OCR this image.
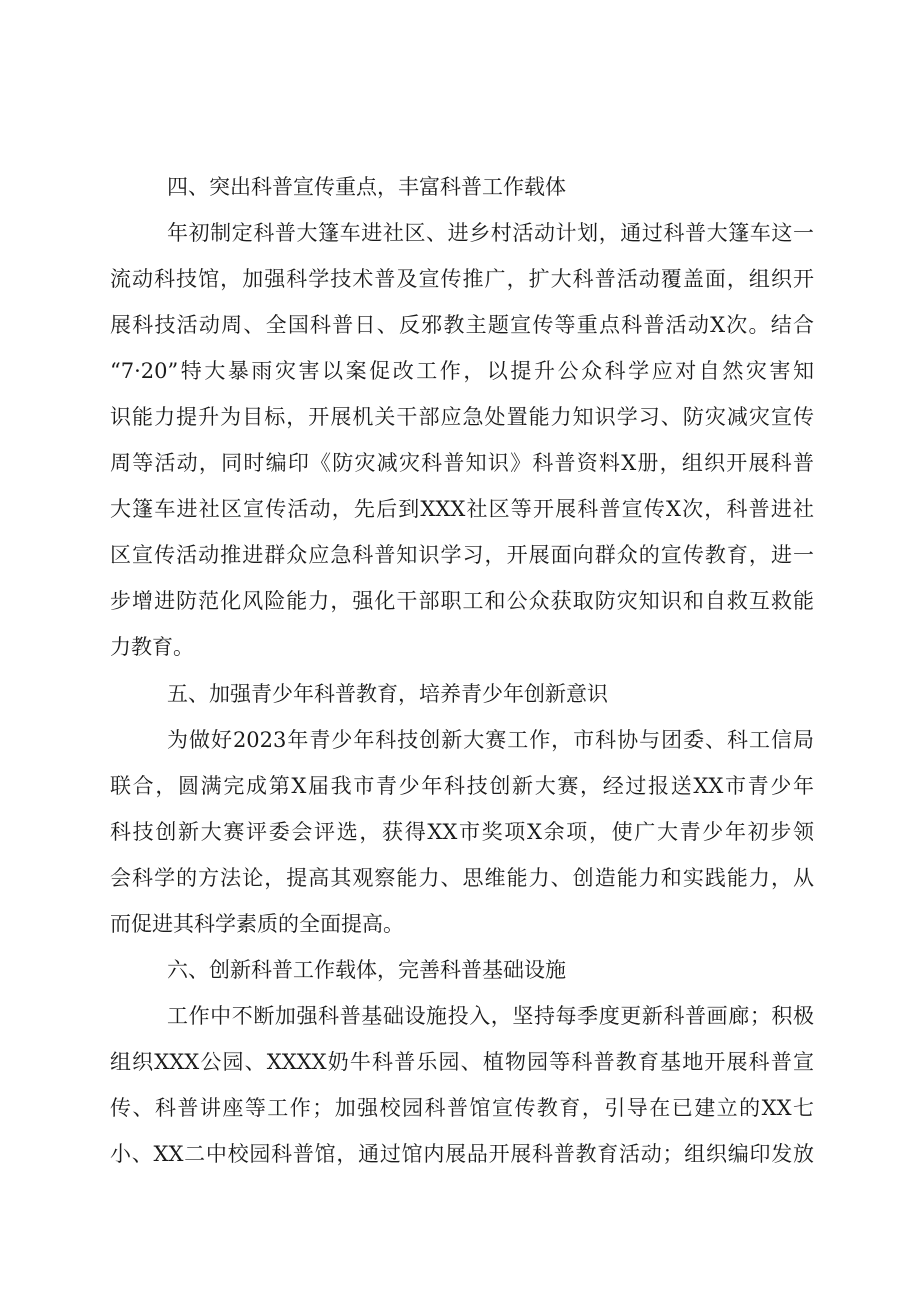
四、突出科普宣传重点，丰富科普工作载体

年初制定科普大篷车进社区、进乡村活动计划，通过科普大篷车这一

流动科技馆，加强科学技术普及宣传推广，扩大科普活动覆盖面，组织开

展科技活动周、全国科普日、反邪教主题宣传等重点科普活动X次。结合

“7·20”特大暴雨灾害以案促改工作，以提升公众科学应对自然灾害知

识能力提升为目标，开展机关干部应急处置能力知识学习、防灾减灾宣传

周等活动，同时编印《防灾减灾科普知识》科普资料X册，组织开展科普

大篷车进社区宣传活动，先后到XXX社区等开展科普宣传X次，科普进社

区宣传活动推进群众应急科普知识学习，开展面向群众的宣传教育，进一

步增进防范化风险能力，强化干部职工和公众获取防灾知识和自救互救能

力教育。

五、加强青少年科普教育，培养青少年创新意识

为做好2023年青少年科技创新大赛工作，市科协与团委、科工信局

联合，圆满完成第X届我市青少年科技创新大赛，经过报送XX市青少年

科技创新大赛评委会评选，获得XX市奖项X余项，使广大青少年初步领

会科学的方法论，提高其观察能力、思维能力、创造能力和实践能力，从

而促进其科学素质的全面提高。

六、创新科普工作载体，完善科普基础设施

工作中不断加强科普基础设施投入，坚持每季度更新科普画廊；积极

组织XXX公园、XXXX奶牛科普乐园、植物园等科普教育基地开展科普宣

传、科普讲座等工作；加强校园科普馆宣传教育，引导在已建立的XX七

小、XX二中校园科普馆，通过馆内展品开展科普教育活动；组织编印发放
